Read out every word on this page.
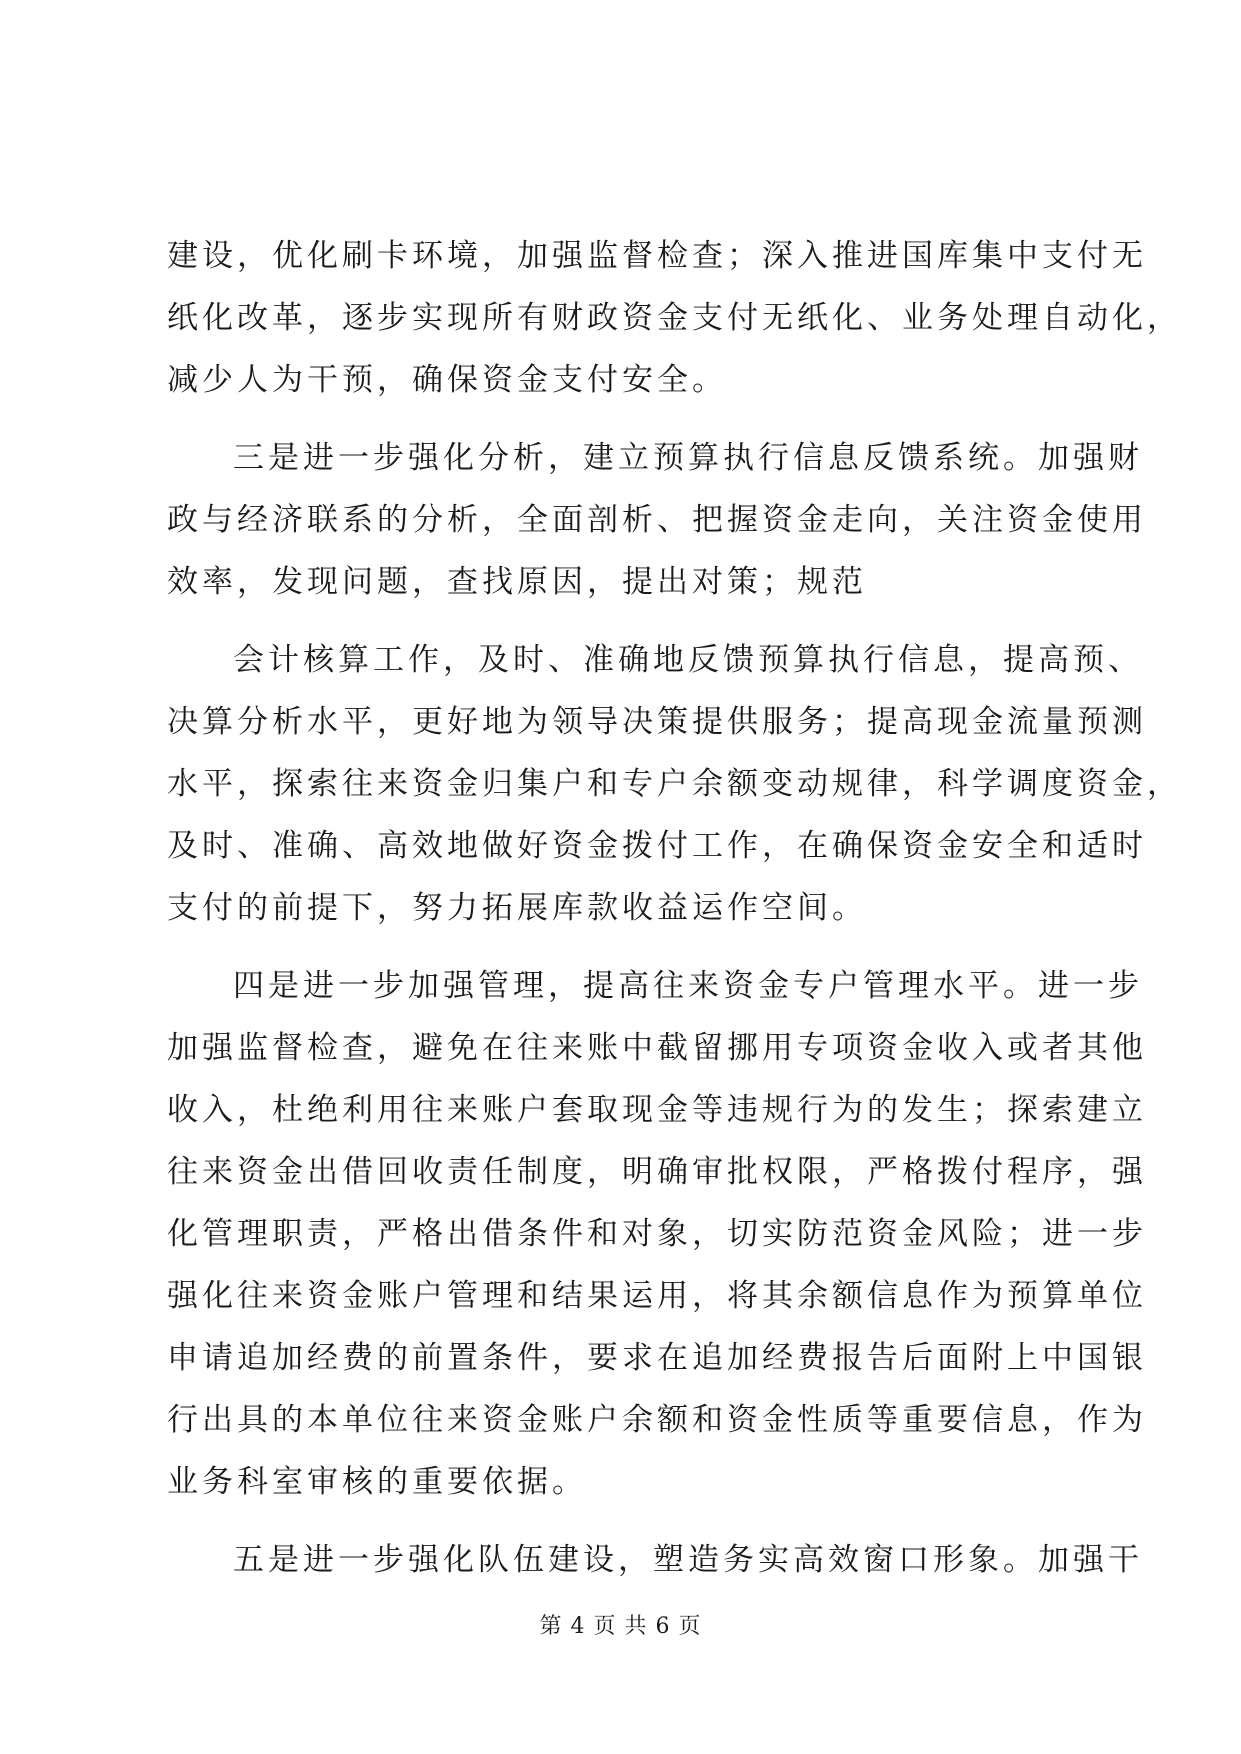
建设，优化刷卡环境，加强监督检查；深入推进国库集中支付无
纸化改革，逐步实现所有财政资金支付无纸化、业务处理自动化，
减少人为干预，确保资金支付安全。
三是进一步强化分析，建立预算执行信息反馈系统。加强财
政与经济联系的分析，全面剖析、把握资金走向，关注资金使用
效率，发现问题，查找原因，提出对策；规范
会计核算工作，及时、准确地反馈预算执行信息，提高预、
决算分析水平，更好地为领导决策提供服务；提高现金流量预测
水平，探索往来资金归集户和专户余额变动规律，科学调度资金，
及时、准确、高效地做好资金拨付工作，在确保资金安全和适时
支付的前提下，努力拓展库款收益运作空间。
四是进一步加强管理，提高往来资金专户管理水平。进一步
加强监督检查，避免在往来账中截留挪用专项资金收入或者其他
收入，杜绝利用往来账户套取现金等违规行为的发生；探索建立
往来资金出借回收责任制度，明确审批权限，严格拨付程序，强
化管理职责，严格出借条件和对象，切实防范资金风险；进一步
强化往来资金账户管理和结果运用，将其余额信息作为预算单位
申请追加经费的前置条件，要求在追加经费报告后面附上中国银
行出具的本单位往来资金账户余额和资金性质等重要信息，作为
业务科室审核的重要依据。
五是进一步强化队伍建设，塑造务实高效窗口形象。加强干
第 4 页 共 6 页
